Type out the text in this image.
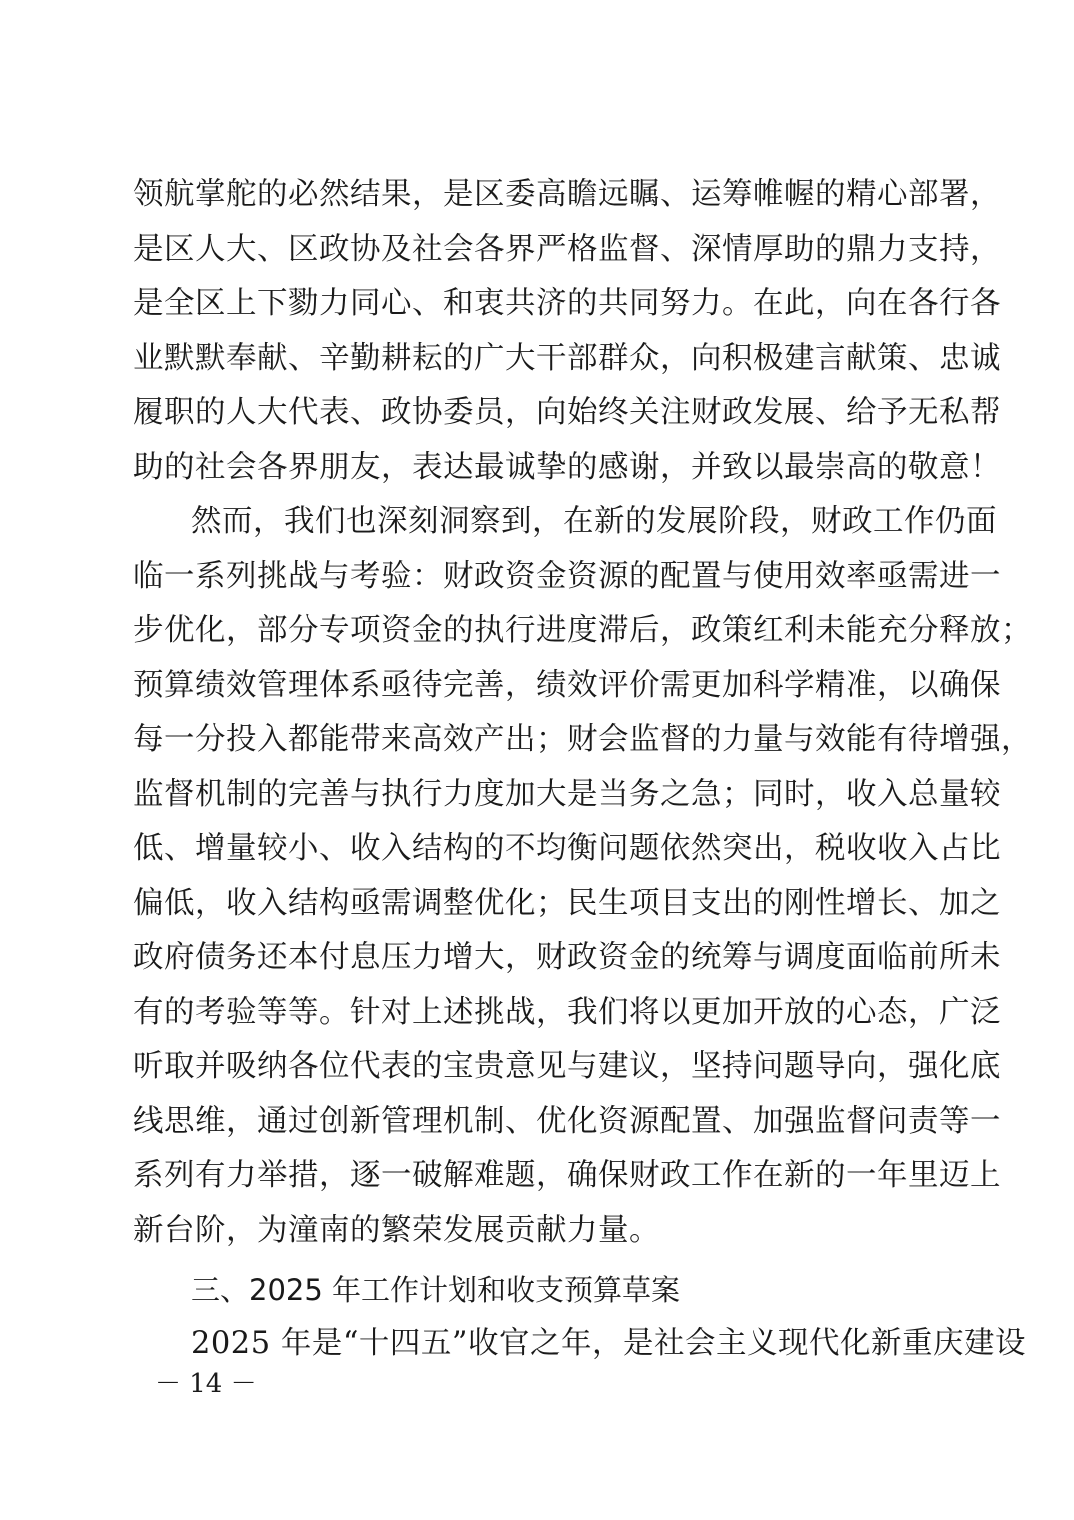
领航掌舵的必然结果，是区委高瞻远瞩、运筹帷幄的精心部署，
是区人大、区政协及社会各界严格监督、深情厚助的鼎力支持，
是全区上下勠力同心、和衷共济的共同努力。在此，向在各行各
业默默奉献、辛勤耕耘的广大干部群众，向积极建言献策、忠诚
履职的人大代表、政协委员，向始终关注财政发展、给予无私帮
助的社会各界朋友，表达最诚挚的感谢，并致以最崇高的敬意！
然而，我们也深刻洞察到，在新的发展阶段，财政工作仍面
临一系列挑战与考验：财政资金资源的配置与使用效率亟需进一
步优化，部分专项资金的执行进度滞后，政策红利未能充分释放；
预算绩效管理体系亟待完善，绩效评价需更加科学精准，以确保
每一分投入都能带来高效产出；财会监督的力量与效能有待增强，
监督机制的完善与执行力度加大是当务之急；同时，收入总量较
低、增量较小、收入结构的不均衡问题依然突出，税收收入占比
偏低，收入结构亟需调整优化；民生项目支出的刚性增长、加之
政府债务还本付息压力增大，财政资金的统筹与调度面临前所未
有的考验等等。针对上述挑战，我们将以更加开放的心态，广泛
听取并吸纳各位代表的宝贵意见与建议，坚持问题导向，强化底
线思维，通过创新管理机制、优化资源配置、加强监督问责等一
系列有力举措，逐一破解难题，确保财政工作在新的一年里迈上
新台阶，为潼南的繁荣发展贡献力量。
三、2025 年工作计划和收支预算草案
2025 年是“十四五”收官之年，是社会主义现代化新重庆建设
－ 14 －
